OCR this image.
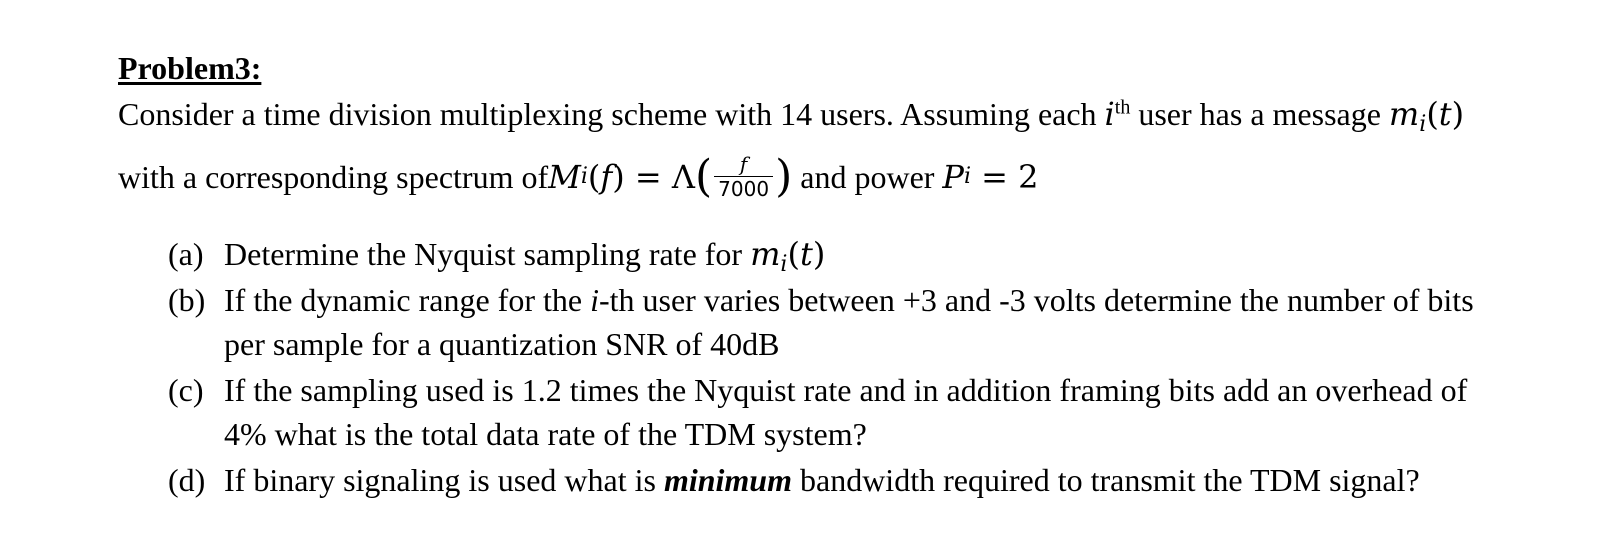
Problem3:
Consider a time division multiplexing scheme with 14 users. Assuming each $i^{th}$ user has a message $m_i(t)$
with a corresponding spectrum of M i (f) = Λ ( $\frac{f}{7000}$ ) and power P i = 2
(a) Determine the Nyquist sampling rate for $m_i(t)$
(b) If the dynamic range for the i-th user varies between +3 and -3 volts determine the number of bits
per sample for a quantization SNR of 40dB
(c) If the sampling used is 1.2 times the Nyquist rate and in addition framing bits add an overhead of
4% what is the total data rate of the TDM system?
(d) If binary signaling is used what is minimum bandwidth required to transmit the TDM signal?
